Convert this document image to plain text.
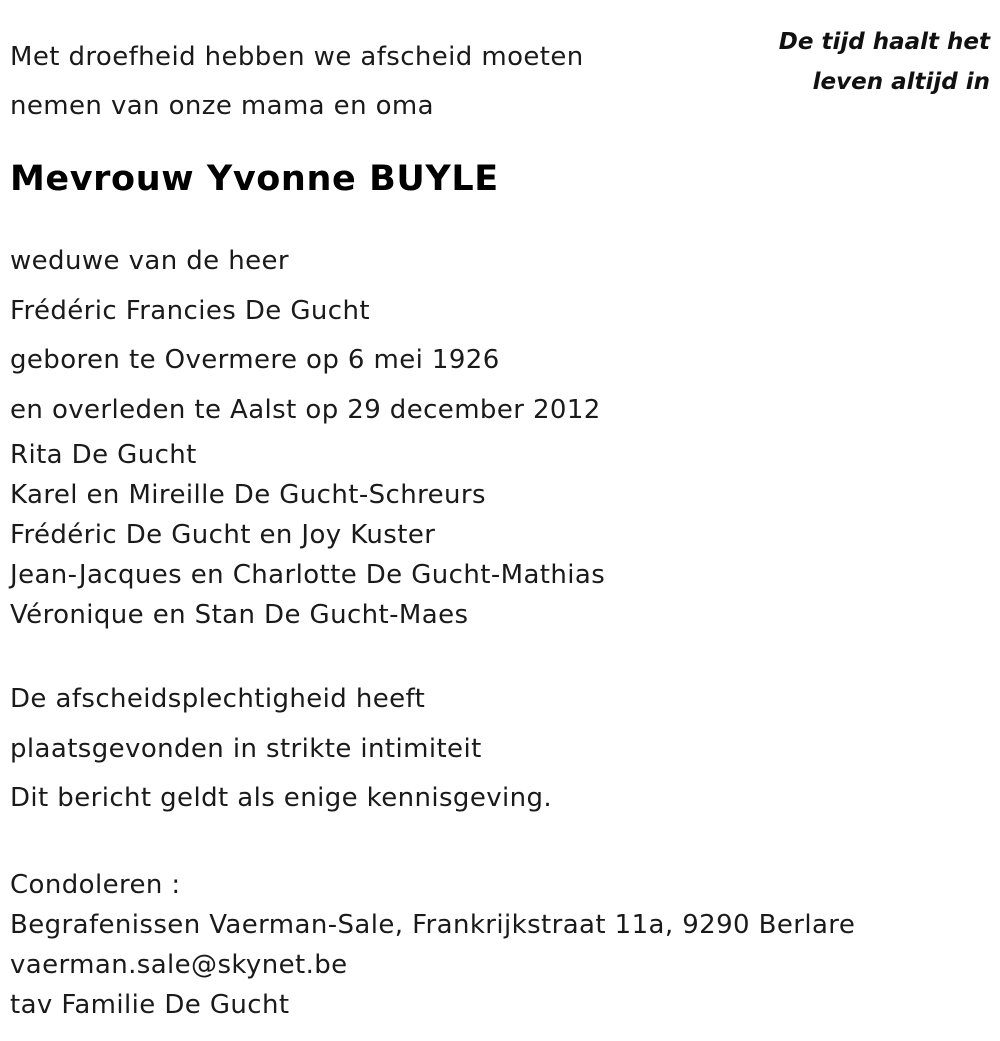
De tijd haalt het
leven altijd in
Met droefheid hebben we afscheid moeten
nemen van onze mama en oma
Mevrouw Yvonne BUYLE
weduwe van de heer
Frédéric Francies De Gucht
geboren te Overmere op 6 mei 1926
en overleden te Aalst op 29 december 2012
Rita De Gucht
Karel en Mireille De Gucht-Schreurs
Frédéric De Gucht en Joy Kuster
Jean-Jacques en Charlotte De Gucht-Mathias
Véronique en Stan De Gucht-Maes
De afscheidsplechtigheid heeft
plaatsgevonden in strikte intimiteit
Dit bericht geldt als enige kennisgeving.
Condoleren :
Begrafenissen Vaerman-Sale, Frankrijkstraat 11a, 9290 Berlare
vaerman.sale@skynet.be
tav Familie De Gucht
